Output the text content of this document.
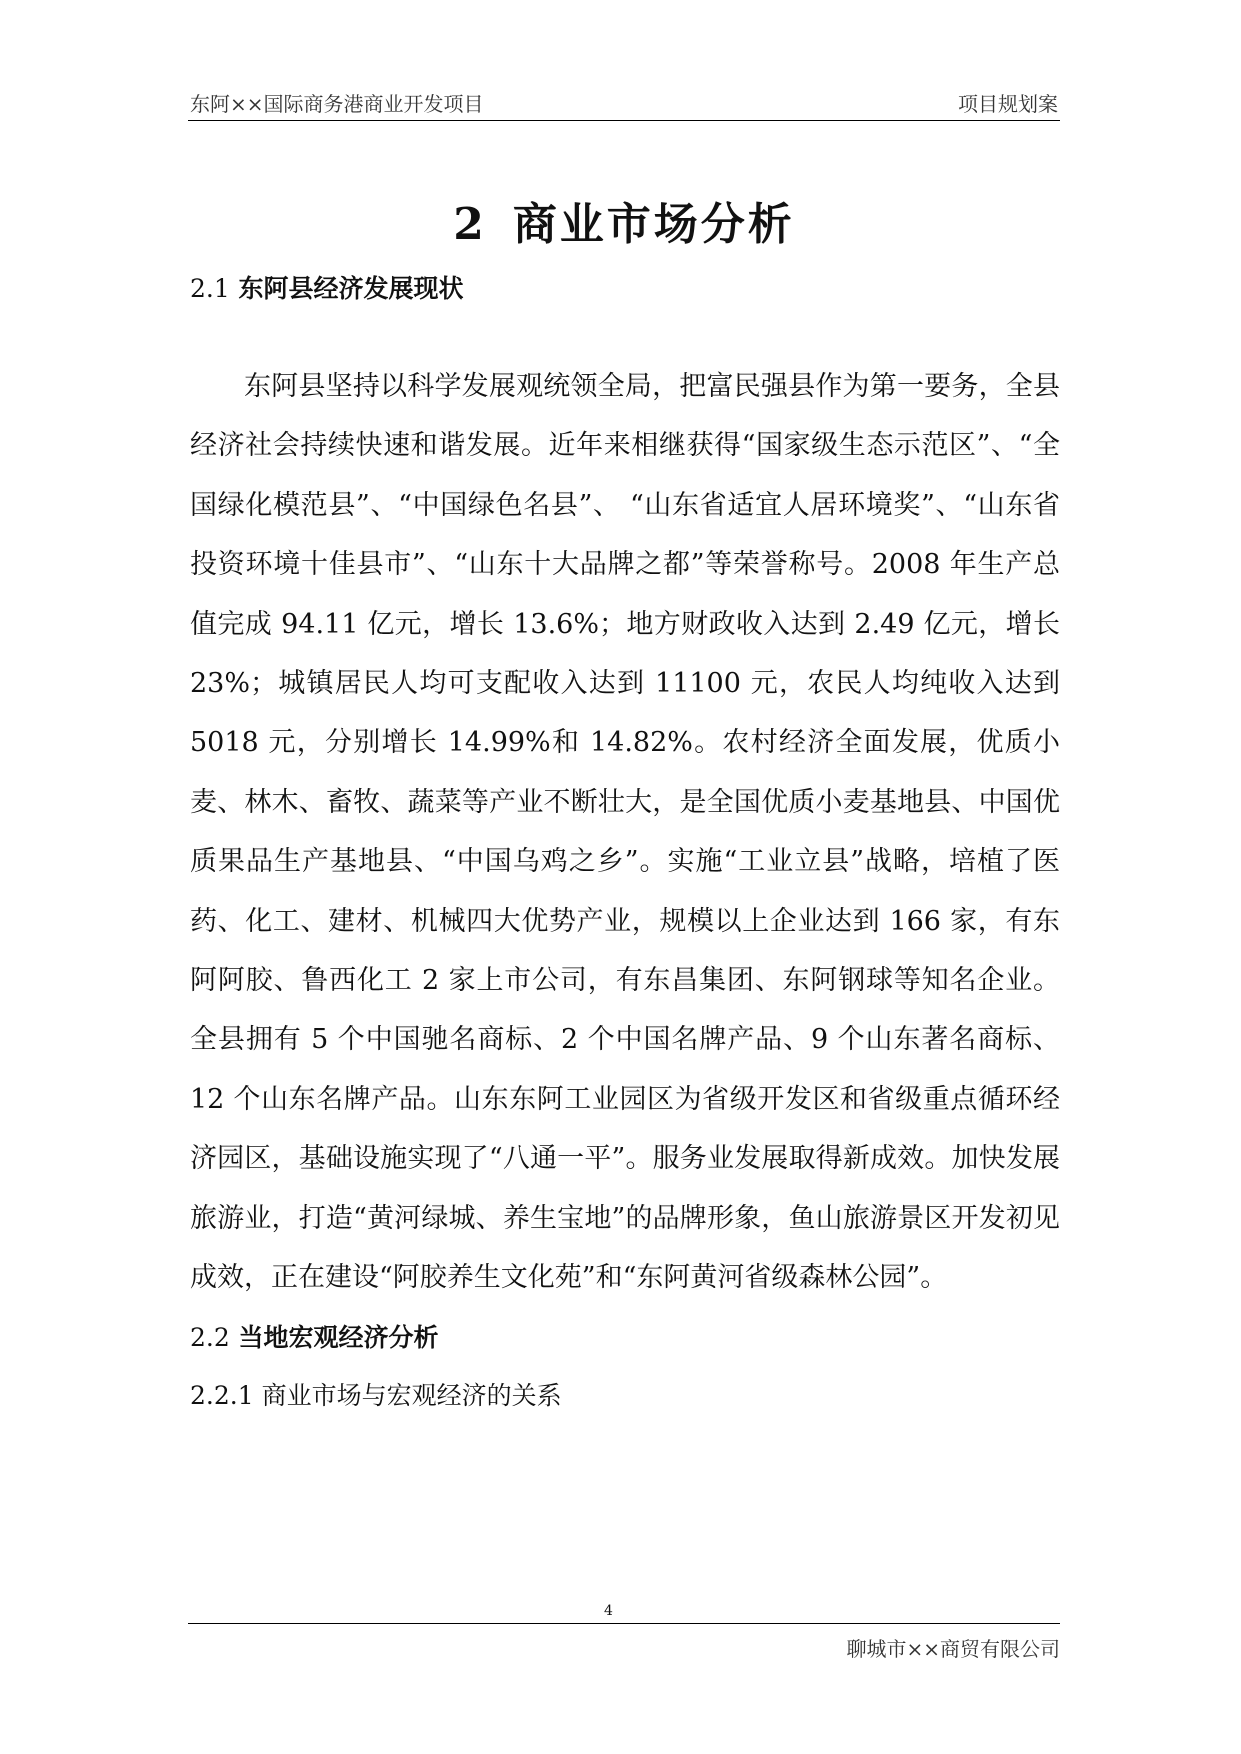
东阿××国际商务港商业开发项目	项目规划案
2 商业市场分析
2.1 东阿县经济发展现状
东阿县坚持以科学发展观统领全局，把富民强县作为第一要务，全县经济社会持续快速和谐发展。近年来相继获得“国家级生态示范区”、“全国绿化模范县”、“中国绿色名县”、 “山东省适宜人居环境奖”、“山东省投资环境十佳县市”、“山东十大品牌之都”等荣誉称号。2008 年生产总值完成 94.11 亿元，增长 13.6%；地方财政收入达到 2.49 亿元，增长 23%；城镇居民人均可支配收入达到 11100 元，农民人均纯收入达到 5018 元，分别增长 14.99%和 14.82%。农村经济全面发展，优质小麦、林木、畜牧、蔬菜等产业不断壮大，是全国优质小麦基地县、中国优质果品生产基地县、“中国乌鸡之乡”。实施“工业立县”战略，培植了医药、化工、建材、机械四大优势产业，规模以上企业达到 166 家，有东阿阿胶、鲁西化工 2 家上市公司，有东昌集团、东阿钢球等知名企业。全县拥有 5 个中国驰名商标、2 个中国名牌产品、9 个山东著名商标、12 个山东名牌产品。山东东阿工业园区为省级开发区和省级重点循环经济园区，基础设施实现了“八通一平”。服务业发展取得新成效。加快发展旅游业，打造“黄河绿城、养生宝地”的品牌形象，鱼山旅游景区开发初见成效，正在建设“阿胶养生文化苑”和“东阿黄河省级森林公园”。
2.2 当地宏观经济分析
2.2.1 商业市场与宏观经济的关系
4
聊城市××商贸有限公司
